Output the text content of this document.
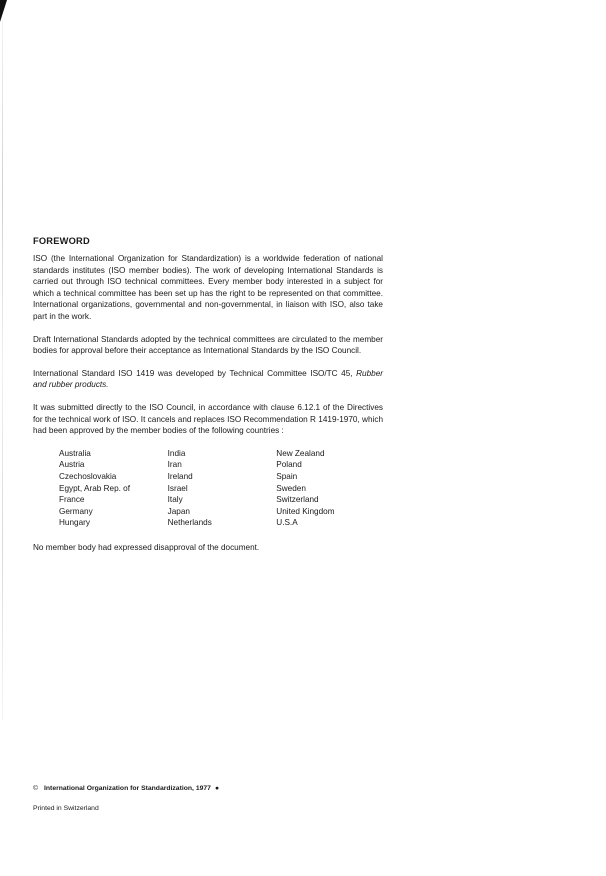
FOREWORD

ISO (the International Organization for Standardization) is a worldwide federation of national standards institutes (ISO member bodies). The work of developing International Standards is carried out through ISO technical committees. Every member body interested in a subject for which a technical committee has been set up has the right to be represented on that committee. International organizations, governmental and non-governmental, in liaison with ISO, also take part in the work.

Draft International Standards adopted by the technical committees are circulated to the member bodies for approval before their acceptance as International Standards by the ISO Council.

International Standard ISO 1419 was developed by Technical Committee ISO/TC 45, Rubber and rubber products.

It was submitted directly to the ISO Council, in accordance with clause 6.12.1 of the Directives for the technical work of ISO. It cancels and replaces ISO Recommendation R 1419-1970, which had been approved by the member bodies of the following countries :

Australia
Austria
Czechoslovakia
Egypt, Arab Rep. of
France
Germany
Hungary
India
Iran
Ireland
Israel
Italy
Japan
Netherlands
New Zealand
Poland
Spain
Sweden
Switzerland
United Kingdom
U.S.A

No member body had expressed disapproval of the document.

© International Organization for Standardization, 1977 ●
Printed in Switzerland
